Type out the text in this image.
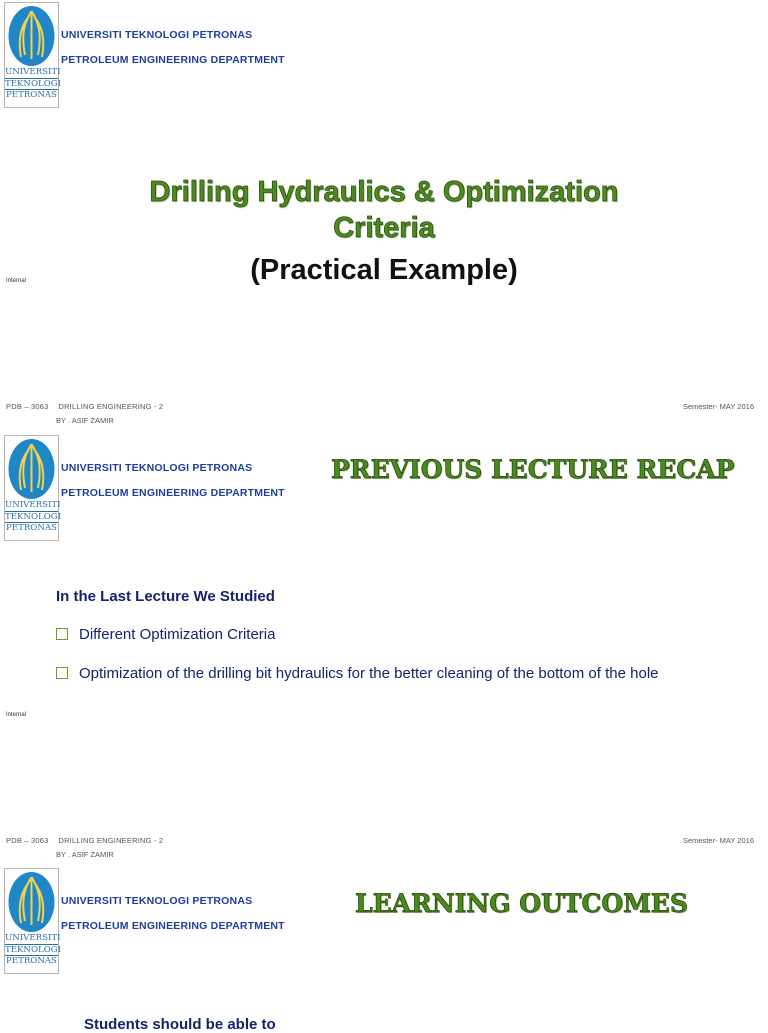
UNIVERSITI
TEKNOLOGI
PETRONAS
UNIVERSITI TEKNOLOGI PETRONAS
PETROLEUM ENGINEERING DEPARTMENT
Drilling Hydraulics & Optimization
Criteria
(Practical Example)
Internal
PDB – 3063 DRILLING ENGINEERING - 2
BY . ASIF ZAMIR
Semester- MAY 2016
UNIVERSITI
TEKNOLOGI
PETRONAS
UNIVERSITI TEKNOLOGI PETRONAS
PETROLEUM ENGINEERING DEPARTMENT
PREVIOUS LECTURE RECAP
In the Last Lecture We Studied
Different Optimization Criteria
Optimization of the drilling bit hydraulics for the better cleaning of the bottom of the hole
Internal
PDB – 3063 DRILLING ENGINEERING - 2
BY . ASIF ZAMIR
Semester- MAY 2016
UNIVERSITI
TEKNOLOGI
PETRONAS
UNIVERSITI TEKNOLOGI PETRONAS
PETROLEUM ENGINEERING DEPARTMENT
LEARNING OUTCOMES
Students should be able to
